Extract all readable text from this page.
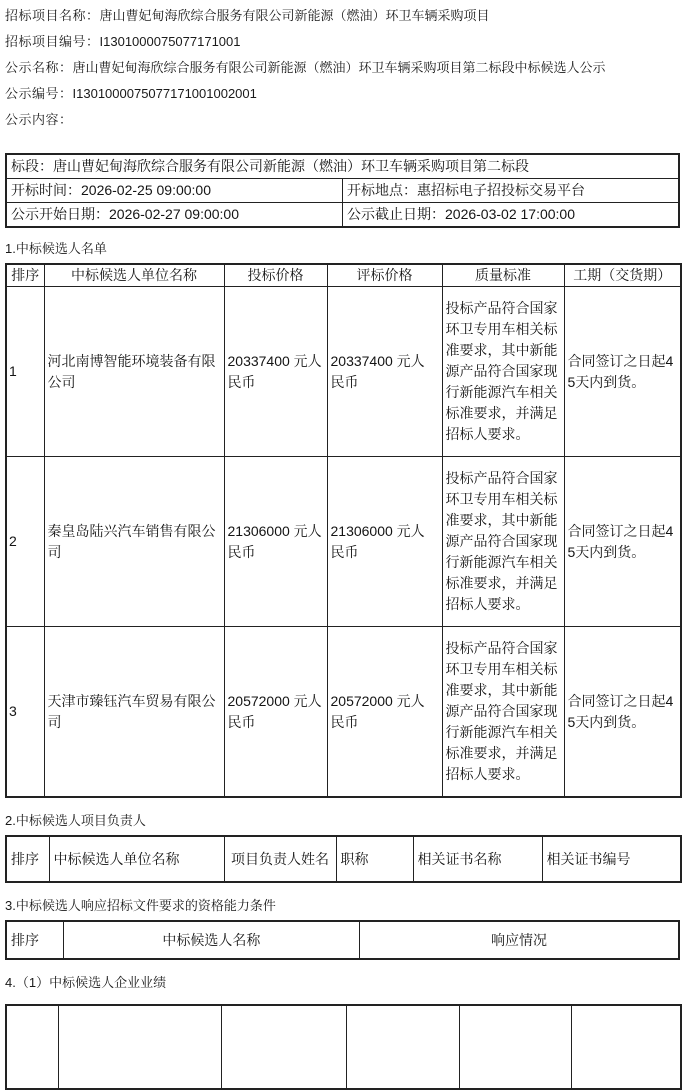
招标项目名称：唐山曹妃甸海欣综合服务有限公司新能源（燃油）环卫车辆采购项目
招标项目编号：I1301000075077171001
公示名称：唐山曹妃甸海欣综合服务有限公司新能源（燃油）环卫车辆采购项目第二标段中标候选人公示
公示编号：I1301000075077171001002001
公示内容：
标段：唐山曹妃甸海欣综合服务有限公司新能源（燃油）环卫车辆采购项目第二标段	
开标时间：2026-02-25 09:00:00	开标地点：惠招标电子招投标交易平台
公示开始日期：2026-02-27 09:00:00	公示截止日期：2026-03-02 17:00:00
1.中标候选人名单
排序	中标候选人单位名称	投标价格	评标价格	质量标准	工期（交货期）
1	河北南博智能环境装备有限公司	20337400 元人民币	20337400 元人民币	投标产品符合国家环卫专用车相关标准要求，其中新能源产品符合国家现行新能源汽车相关标准要求，并满足招标人要求。	合同签订之日起45天内到货。
2	秦皇岛陆兴汽车销售有限公司	21306000 元人民币	21306000 元人民币	投标产品符合国家环卫专用车相关标准要求，其中新能源产品符合国家现行新能源汽车相关标准要求，并满足招标人要求。	合同签订之日起45天内到货。
3	天津市臻钰汽车贸易有限公司	20572000 元人民币	20572000 元人民币	投标产品符合国家环卫专用车相关标准要求，其中新能源产品符合国家现行新能源汽车相关标准要求，并满足招标人要求。	合同签订之日起45天内到货。
2.中标候选人项目负责人
排序	中标候选人单位名称	项目负责人姓名	职称	相关证书名称	相关证书编号
3.中标候选人响应招标文件要求的资格能力条件
排序	中标候选人名称	响应情况
4.（1）中标候选人企业业绩
